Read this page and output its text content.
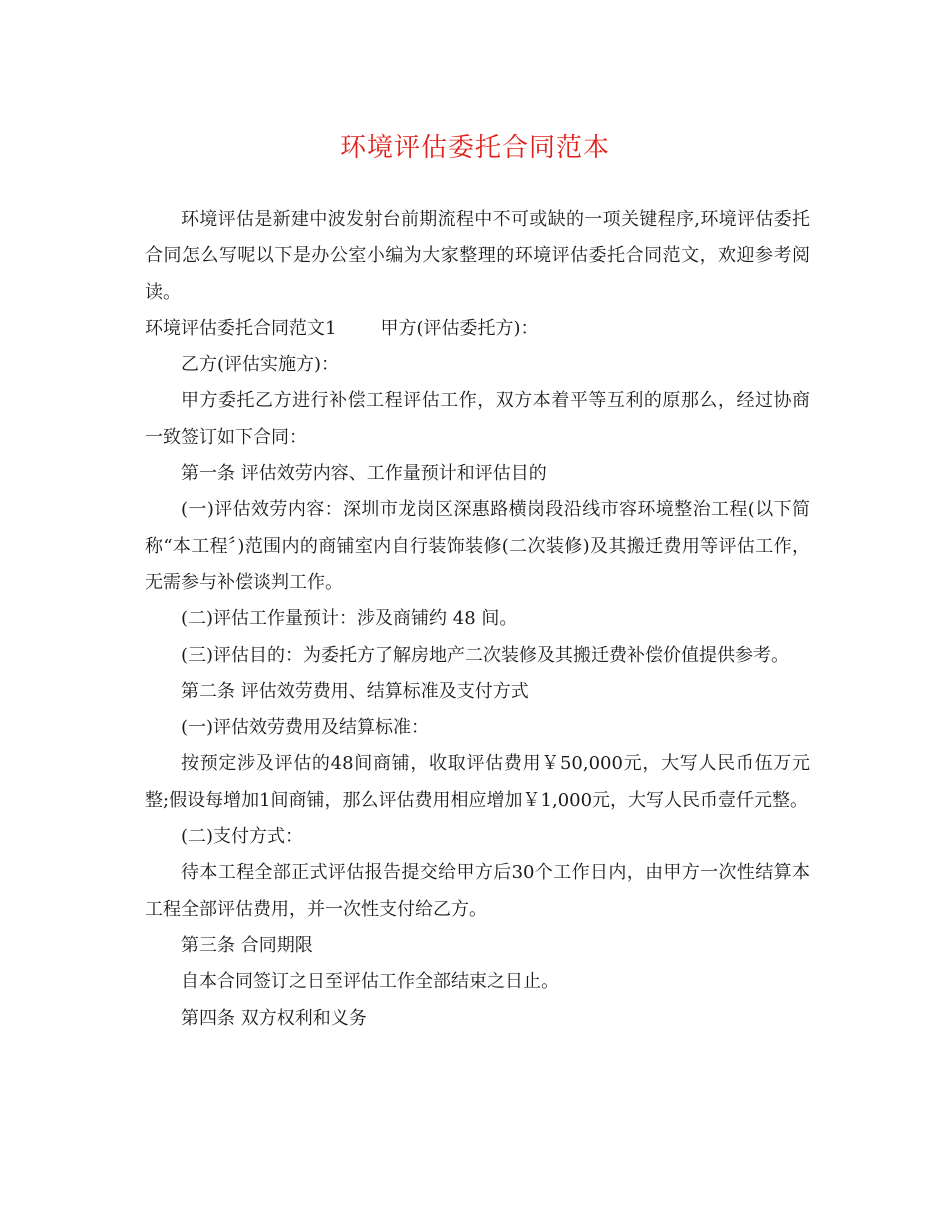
环境评估委托合同范本

环境评估是新建中波发射台前期流程中不可或缺的一项关键程序,环境评估委托合同怎么写呢以下是办公室小编为大家整理的环境评估委托合同范文，欢迎参考阅读。

环境评估委托合同范文1 甲方(评估委托方)：

乙方(评估实施方)：

甲方委托乙方进行补偿工程评估工作，双方本着平等互利的原那么，经过协商一致签订如下合同：

第一条 评估效劳内容、工作量预计和评估目的

(一)评估效劳内容：深圳市龙岗区深惠路横岗段沿线市容环境整治工程(以下简称“本工程〞)范围内的商铺室内自行装饰装修(二次装修)及其搬迁费用等评估工作，无需参与补偿谈判工作。

(二)评估工作量预计：涉及商铺约 48 间。

(三)评估目的：为委托方了解房地产二次装修及其搬迁费补偿价值提供参考。

第二条 评估效劳费用、结算标准及支付方式

(一)评估效劳费用及结算标准：

按预定涉及评估的48间商铺，收取评估费用￥50,000元，大写人民币伍万元整;假设每增加1间商铺，那么评估费用相应增加￥1,000元，大写人民币壹仟元整。

(二)支付方式：

待本工程全部正式评估报告提交给甲方后30个工作日内，由甲方一次性结算本工程全部评估费用，并一次性支付给乙方。

第三条 合同期限

自本合同签订之日至评估工作全部结束之日止。

第四条 双方权利和义务
